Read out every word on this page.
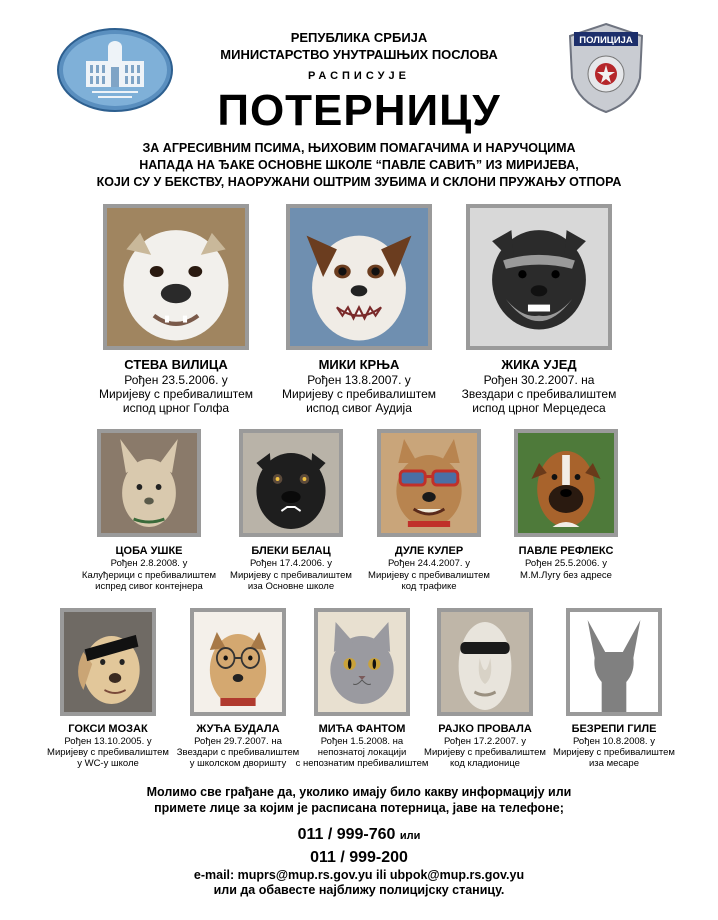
ПОЛИЦИЈА
РЕПУБЛИКА СРБИЈА
МИНИСТАРСТВО УНУТРАШЊИХ ПОСЛОВА
РАСПИСУЈЕ
ПОТЕРНИЦУ
ЗА АГРЕСИВНИМ ПСИМА, ЊИХОВИМ ПОМАГАЧИМА И НАРУЧОЦИМА
НАПАДА НА ЂАКЕ ОСНОВНЕ ШКОЛЕ “ПАВЛЕ САВИЋ” ИЗ МИРИЈЕВА,
КОЈИ СУ У БЕКСТВУ, НАОРУЖАНИ ОШТРИМ ЗУБИМА И СКЛОНИ ПРУЖАЊУ ОТПОРА
СТЕВА ВИЛИЦА
Рођен 23.5.2006. у
Миријеву с пребивалиштем
испод црног Голфа
МИКИ КРЊА
Рођен 13.8.2007. у
Миријеву с пребивалиштем
испод сивог Аудија
ЖИКА УЈЕД
Рођен 30.2.2007. на
Звездари с пребивалиштем
испод црног Мерцедеса
ЦОБА УШКЕ
Рођен 2.8.2008. у
Калуђерици с пребивалиштем
испред сивог контејнера
БЛЕКИ БЕЛАЦ
Рођен 17.4.2006. у
Миријеву с пребивалиштем
иза Основне школе
ДУЛЕ КУЛЕР
Рођен 24.4.2007. у
Миријеву с пребивалиштем
код трафике
ПАВЛЕ РЕФЛЕКС
Рођен 25.5.2006. у
М.М.Лугу без адресе
ГОКСИ МОЗАК
Рођен 13.10.2005. у
Миријеву с пребивалиштем
у WC-у школе
ЖУЋА БУДАЛА
Рођен 29.7.2007. на
Звездари с пребивалиштем
у школском дворишту
МИЋА ФАНТОМ
Рођен 1.5.2008. на
непознатој локацији
с непознатим пребивалиштем
РАЈКО ПРОВАЛА
Рођен 17.2.2007. у
Миријеву с пребивалиштем
код кладионице
БЕЗРЕПИ ГИЛЕ
Рођен 10.8.2008. у
Миријеву с пребивалиштем
иза месаре
Молимо све грађане да, уколико имају било какву информацију или
примете лице за којим је расписана потерница, јаве на телефоне;
011 / 999-760 или
011 / 999-200
e-mail: muprs@mup.rs.gov.yu ili ubpok@mup.rs.gov.yu
или да обавесте најближу полицијску станицу.
